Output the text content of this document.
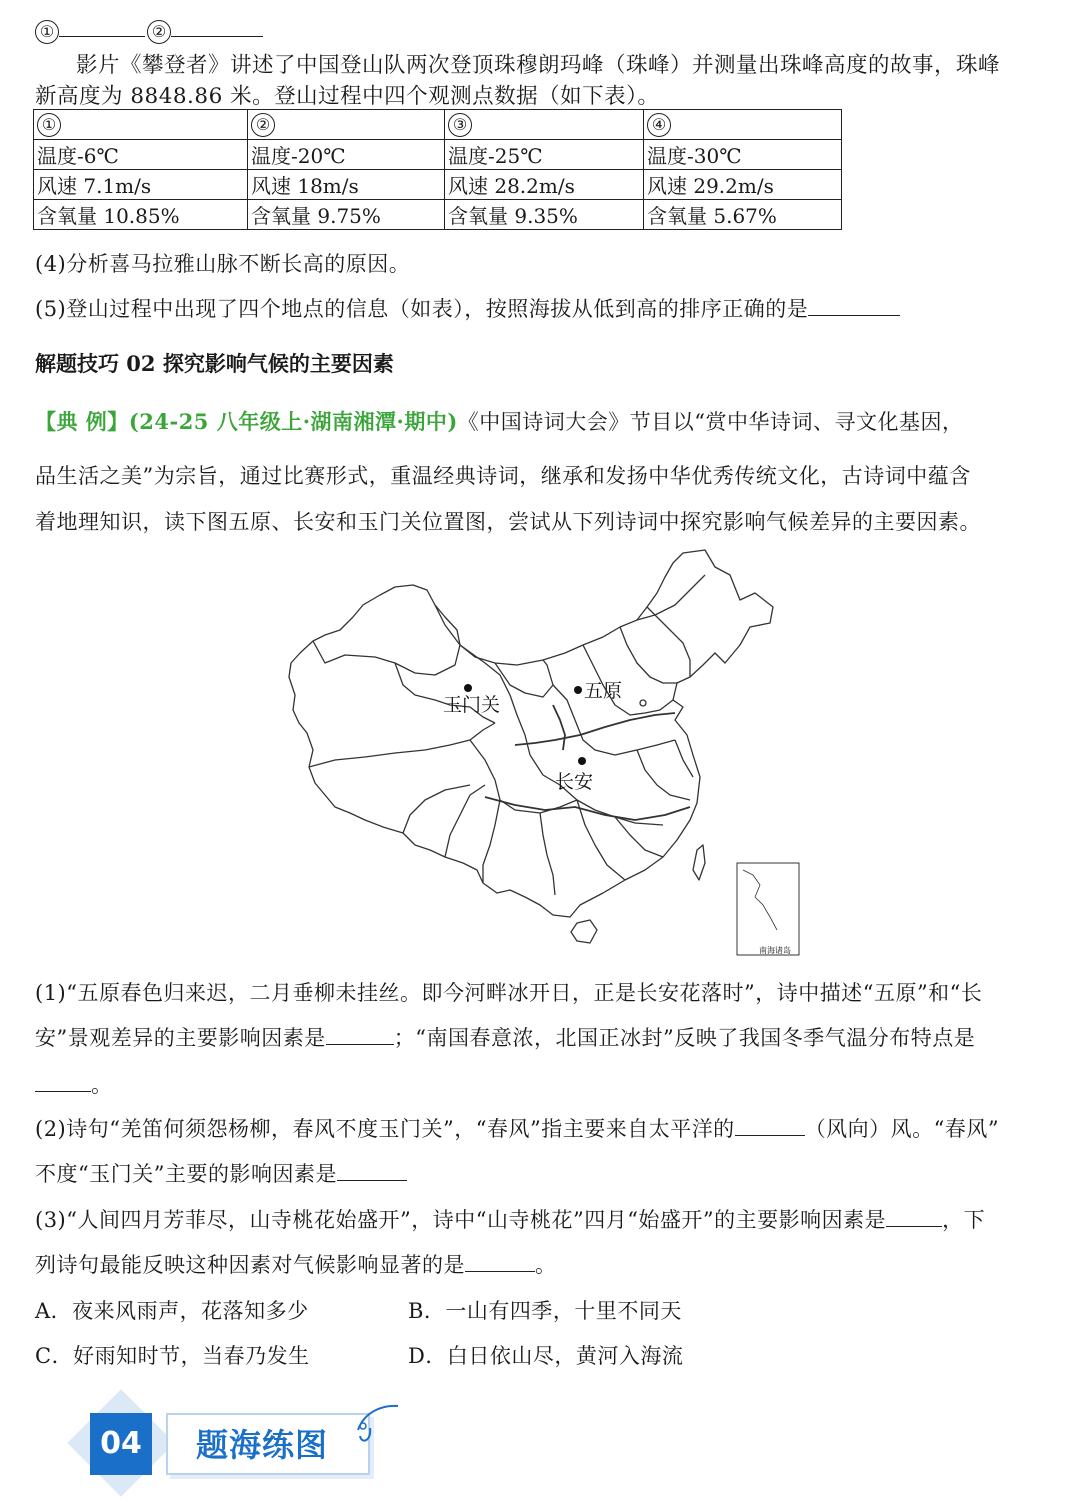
①	②
影片《攀登者》讲述了中国登山队两次登顶珠穆朗玛峰（珠峰）并测量出珠峰高度的故事，珠峰
新高度为 8848.86 米。登山过程中四个观测点数据（如下表）。
①	②	③	④
温度-6℃	温度-20℃	温度-25℃	温度-30℃
风速 7.1m/s	风速 18m/s	风速 28.2m/s	风速 29.2m/s
含氧量 10.85%	含氧量 9.75%	含氧量 9.35%	含氧量 5.67%
(4)分析喜马拉雅山脉不断长高的原因。
(5)登山过程中出现了四个地点的信息（如表），按照海拔从低到高的排序正确的是
解题技巧 02 探究影响气候的主要因素
【典 例】(24-25 八年级上·湖南湘潭·期中)《中国诗词大会》节目以“赏中华诗词、寻文化基因，
品生活之美”为宗旨，通过比赛形式，重温经典诗词，继承和发扬中华优秀传统文化，古诗词中蕴含
着地理知识，读下图五原、长安和玉门关位置图，尝试从下列诗词中探究影响气候差异的主要因素。
玉门关
五原
长安
南海诸岛
(1)“五原春色归来迟，二月垂柳未挂丝。即今河畔冰开日，正是长安花落时”，诗中描述“五原”和“长
安”景观差异的主要影响因素是	；“南国春意浓，北国正冰封”反映了我国冬季气温分布特点是
。
(2)诗句“羌笛何须怨杨柳，春风不度玉门关”，“春风”指主要来自太平洋的	（风向）风。“春风”
不度“玉门关”主要的影响因素是
(3)“人间四月芳菲尽，山寺桃花始盛开”，诗中“山寺桃花”四月“始盛开”的主要影响因素是	，下
列诗句最能反映这种因素对气候影响显著的是	。
A．夜来风雨声，花落知多少	B．一山有四季，十里不同天
C．好雨知时节，当春乃发生	D．白日依山尽，黄河入海流
04	题海练图
